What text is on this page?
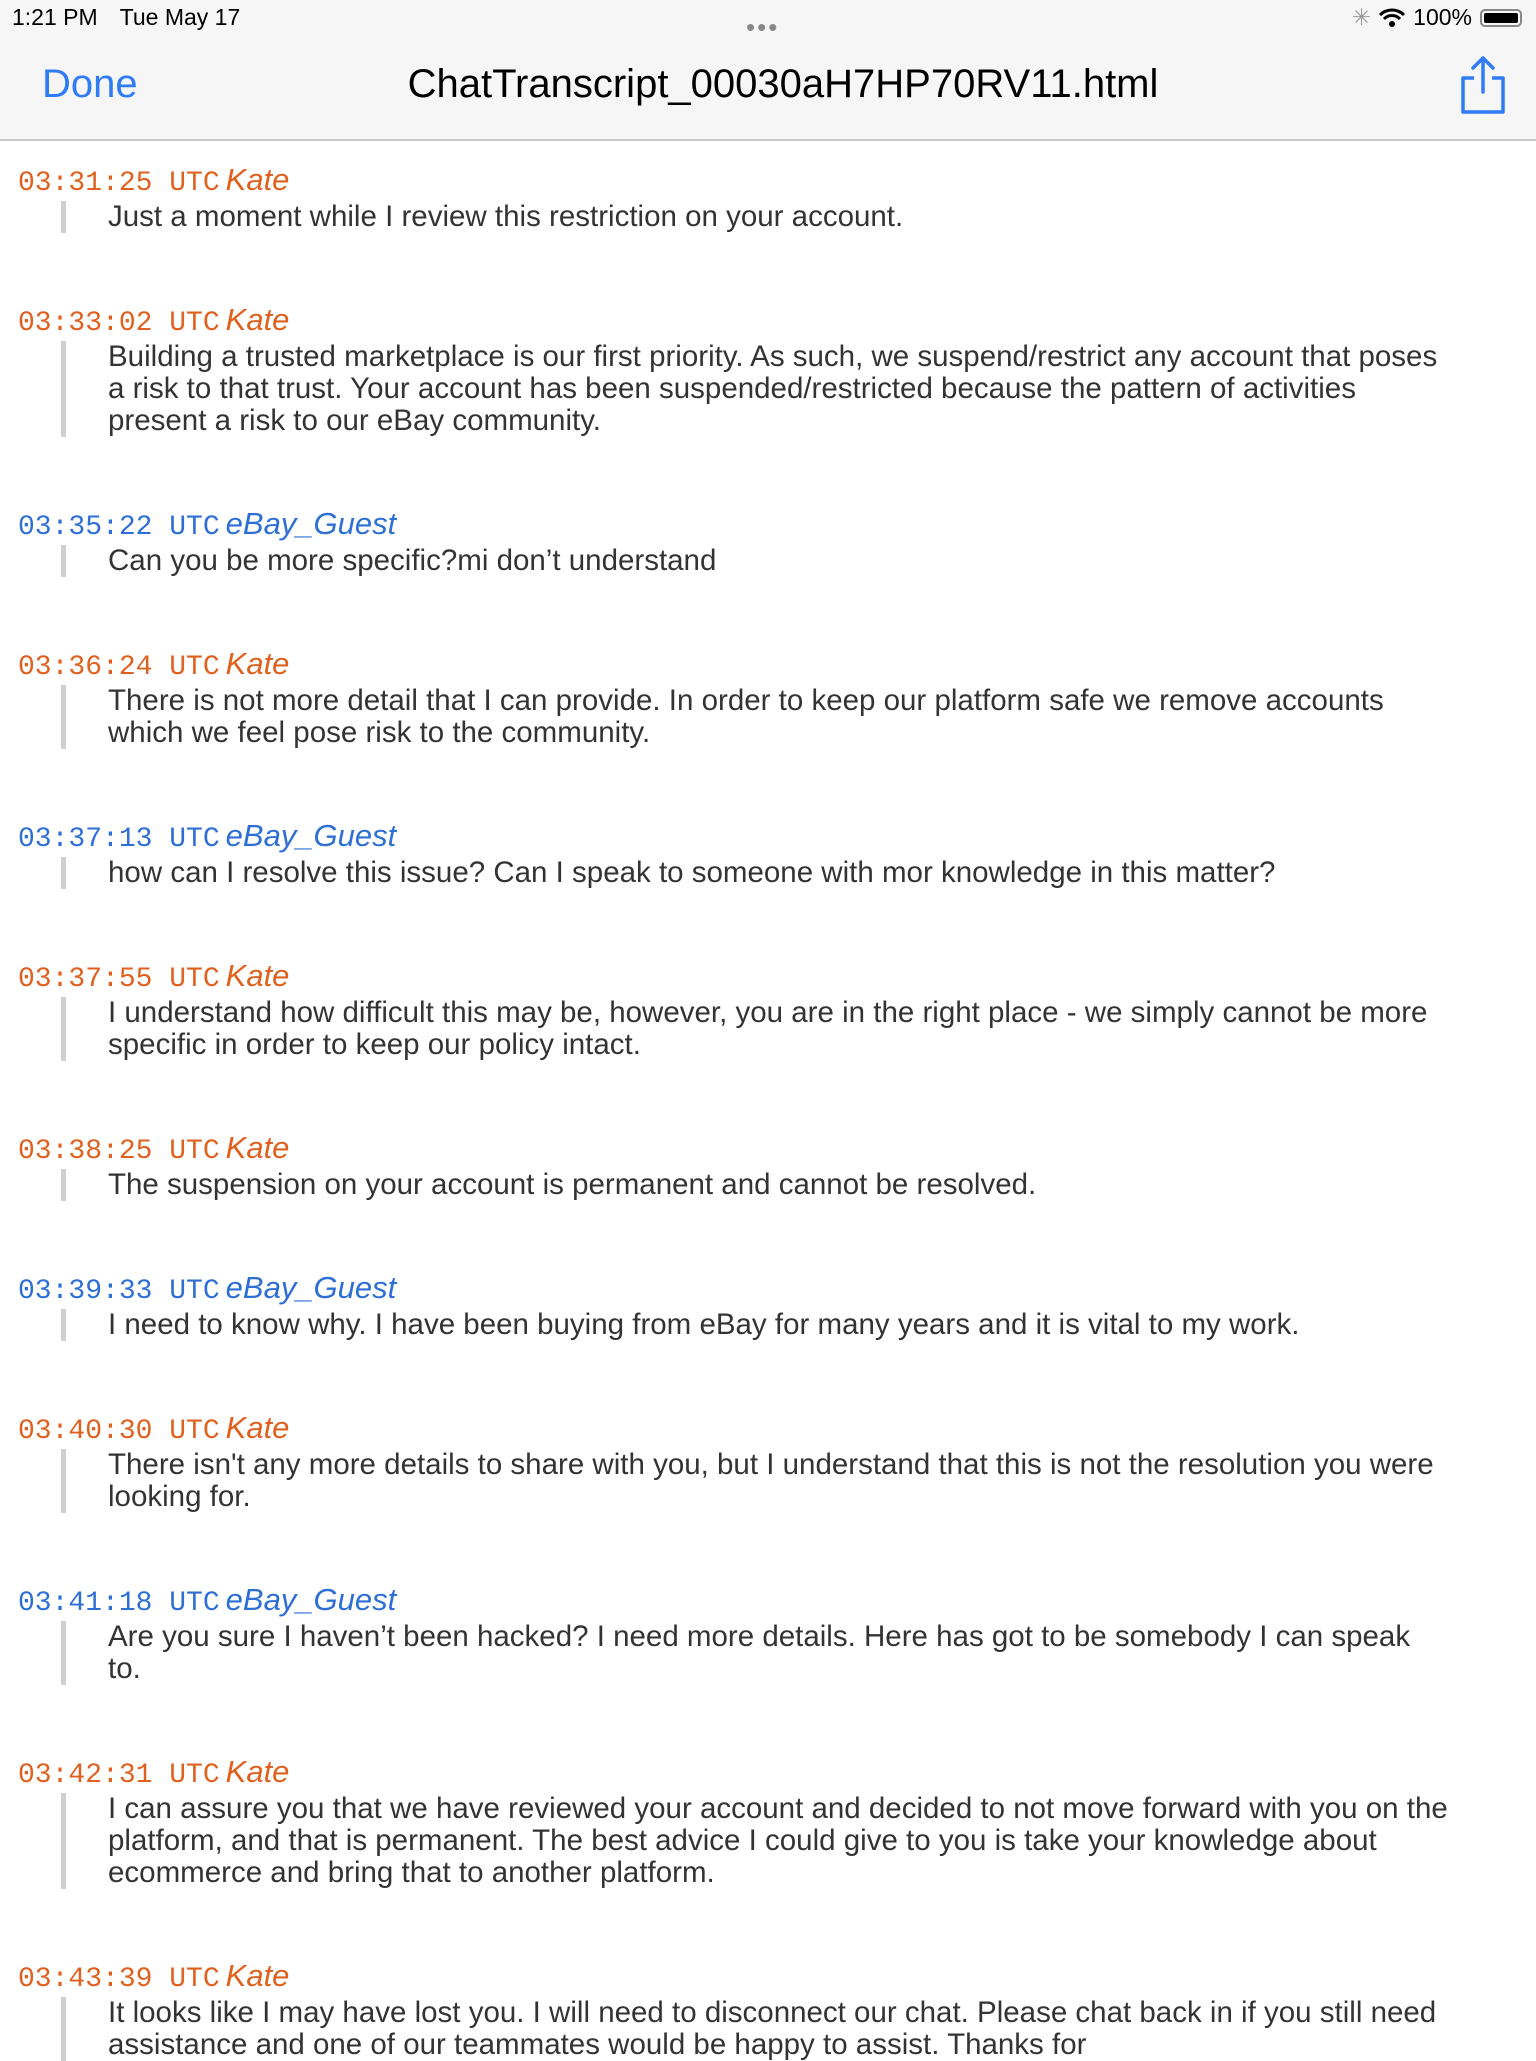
1:21 PM Tue May 17	•••	✳ 100%
Done	ChatTranscript_00030aH7HP70RV11.html
03:31:25 UTC Kate
Just a moment while I review this restriction on your account.
03:33:02 UTC Kate
Building a trusted marketplace is our first priority. As such, we suspend/restrict any account that poses a risk to that trust. Your account has been suspended/restricted because the pattern of activities present a risk to our eBay community.
03:35:22 UTC eBay_Guest
Can you be more specific?mi don’t understand
03:36:24 UTC Kate
There is not more detail that I can provide. In order to keep our platform safe we remove accounts which we feel pose risk to the community.
03:37:13 UTC eBay_Guest
how can I resolve this issue? Can I speak to someone with mor knowledge in this matter?
03:37:55 UTC Kate
I understand how difficult this may be, however, you are in the right place - we simply cannot be more specific in order to keep our policy intact.
03:38:25 UTC Kate
The suspension on your account is permanent and cannot be resolved.
03:39:33 UTC eBay_Guest
I need to know why. I have been buying from eBay for many years and it is vital to my work.
03:40:30 UTC Kate
There isn't any more details to share with you, but I understand that this is not the resolution you were looking for.
03:41:18 UTC eBay_Guest
Are you sure I haven’t been hacked? I need more details. Here has got to be somebody I can speak to.
03:42:31 UTC Kate
I can assure you that we have reviewed your account and decided to not move forward with you on the platform, and that is permanent. The best advice I could give to you is take your knowledge about ecommerce and bring that to another platform.
03:43:39 UTC Kate
It looks like I may have lost you. I will need to disconnect our chat. Please chat back in if you still need assistance and one of our teammates would be happy to assist. Thanks for
